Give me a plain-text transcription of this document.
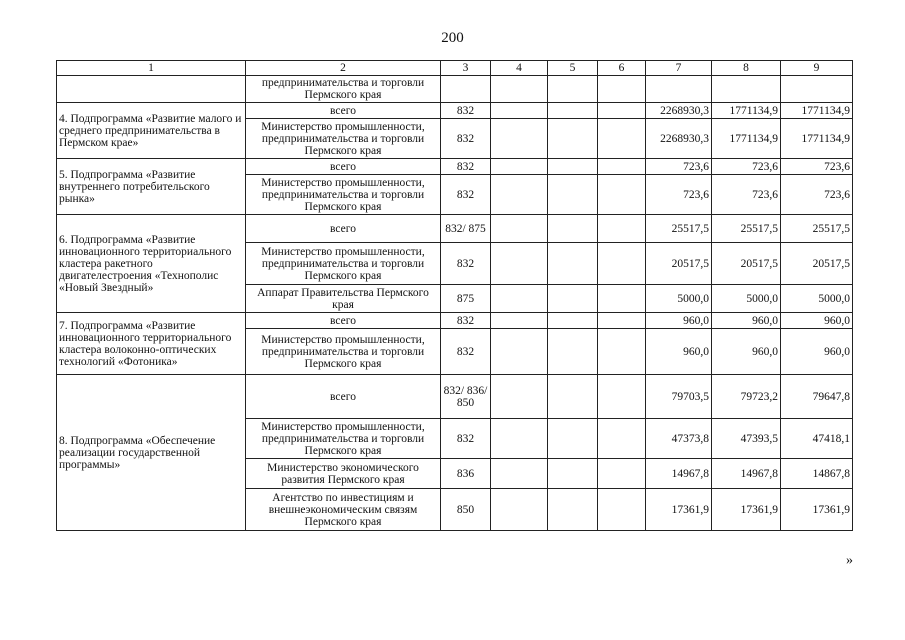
200
1	2	3	4	5	6	7	8	9
	предпринимательства и торговли Пермского края							
4. Подпрограмма «Развитие малого и среднего предпринимательства в Пермском крае»	всего	832				2268930,3	1771134,9	1771134,9
	Министерство промышленности, предпринимательства и торговли Пермского края	832				2268930,3	1771134,9	1771134,9
5. Подпрограмма «Развитие внутреннего потребительского рынка»	всего	832				723,6	723,6	723,6
	Министерство промышленности, предпринимательства и торговли Пермского края	832				723,6	723,6	723,6
6. Подпрограмма «Развитие инновационного территориального кластера ракетного двигателестроения «Технополис «Новый Звездный»	всего	832/ 875				25517,5	25517,5	25517,5
	Министерство промышленности, предпринимательства и торговли Пермского края	832				20517,5	20517,5	20517,5
	Аппарат Правительства Пермского края	875				5000,0	5000,0	5000,0
7. Подпрограмма «Развитие инновационного территориального кластера волоконно-оптических технологий «Фотоника»	всего	832				960,0	960,0	960,0
	Министерство промышленности, предпринимательства и торговли Пермского края	832				960,0	960,0	960,0
8. Подпрограмма «Обеспечение реализации государственной программы»	всего	832/ 836/ 850				79703,5	79723,2	79647,8
	Министерство промышленности, предпринимательства и торговли Пермского края	832				47373,8	47393,5	47418,1
	Министерство экономического развития Пермского края	836				14967,8	14967,8	14867,8
	Агентство по инвестициям и внешнеэкономическим связям Пермского края	850				17361,9	17361,9	17361,9
»
